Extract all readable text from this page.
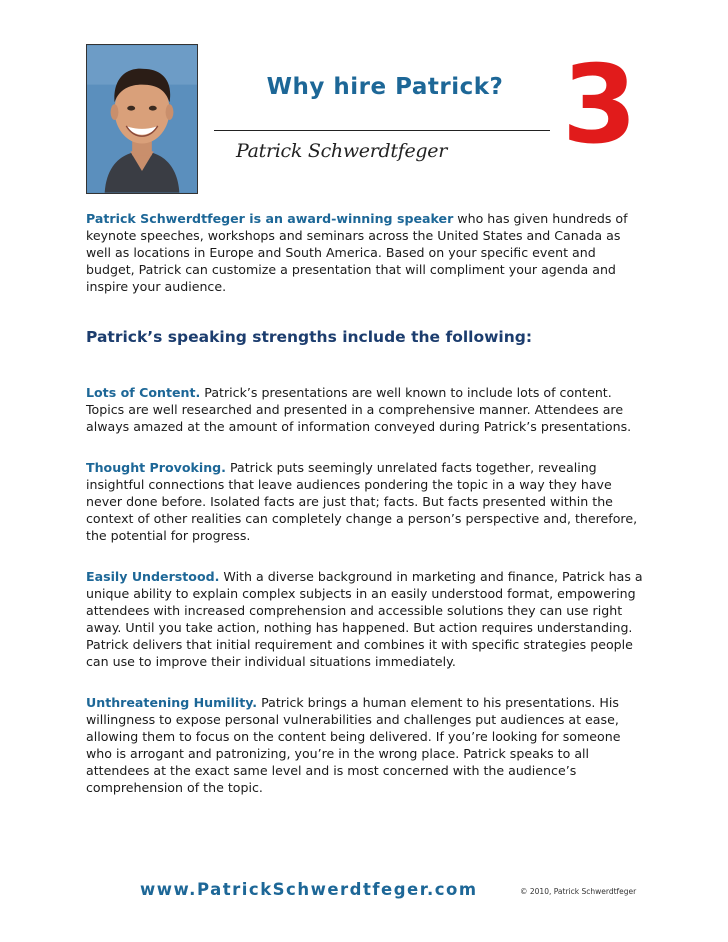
Why hire Patrick?
Patrick Schwerdtfeger 3

Patrick Schwerdtfeger is an award-winning speaker who has given hundreds of keynote speeches, workshops and seminars across the United States and Canada as well as locations in Europe and South America. Based on your specific event and budget, Patrick can customize a presentation that will compliment your agenda and inspire your audience.

Patrick’s speaking strengths include the following:

Lots of Content. Patrick’s presentations are well known to include lots of content. Topics are well researched and presented in a comprehensive manner. Attendees are always amazed at the amount of information conveyed during Patrick’s presentations.

Thought Provoking. Patrick puts seemingly unrelated facts together, revealing insightful connections that leave audiences pondering the topic in a way they have never done before. Isolated facts are just that; facts. But facts presented within the context of other realities can completely change a person’s perspective and, therefore, the potential for progress.

Easily Understood. With a diverse background in marketing and finance, Patrick has a unique ability to explain complex subjects in an easily understood format, empowering attendees with increased comprehension and accessible solutions they can use right away. Until you take action, nothing has happened. But action requires understanding. Patrick delivers that initial requirement and combines it with specific strategies people can use to improve their individual situations immediately.

Unthreatening Humility. Patrick brings a human element to his presentations. His willingness to expose personal vulnerabilities and challenges put audiences at ease, allowing them to focus on the content being delivered. If you’re looking for someone who is arrogant and patronizing, you’re in the wrong place. Patrick speaks to all attendees at the exact same level and is most concerned with the audience’s comprehension of the topic.

www.PatrickSchwerdtfeger.com	© 2010, Patrick Schwerdtfeger
